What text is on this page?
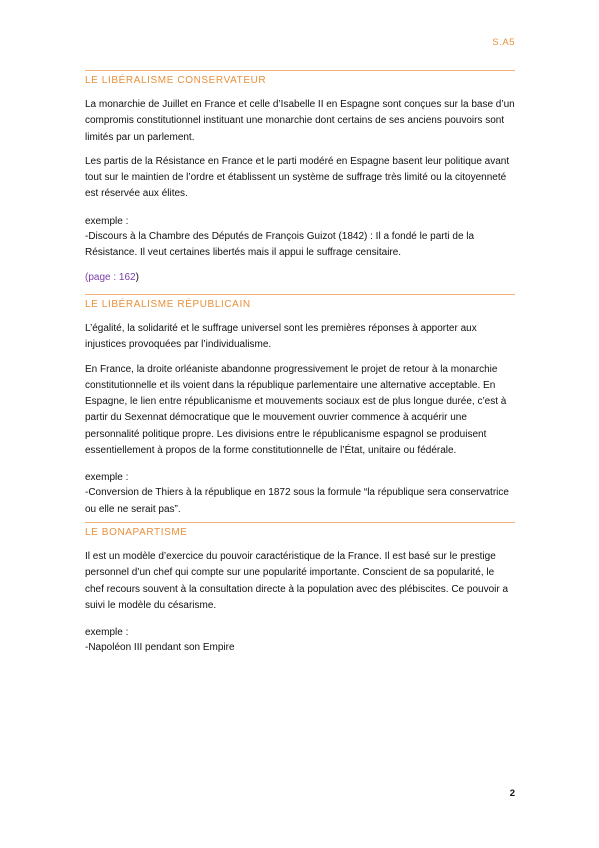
S.A5
LE LIBÉRALISME CONSERVATEUR

La monarchie de Juillet en France et celle d’Isabelle II en Espagne sont conçues sur la base d’un compromis constitutionnel instituant une monarchie dont certains de ses anciens pouvoirs sont limités par un parlement.

Les partis de la Résistance en France et le parti modéré en Espagne basent leur politique avant tout sur le maintien de l’ordre et établissent un système de suffrage très limité ou la citoyenneté est réservée aux élites.

exemple :

-Discours à la Chambre des Députés de François Guizot (1842) : Il a fondé le parti de la Résistance. Il veut certaines libertés mais il appui le suffrage censitaire.

(page : 162)

LE LIBÉRALISME RÉPUBLICAIN

L’égalité, la solidarité et le suffrage universel sont les premières réponses à apporter aux injustices provoquées par l’individualisme.

En France, la droite orléaniste abandonne progressivement le projet de retour à la monarchie constitutionnelle et ils voient dans la république parlementaire une alternative acceptable. En Espagne, le lien entre républicanisme et mouvements sociaux est de plus longue durée, c’est à partir du Sexennat démocratique que le mouvement ouvrier commence à acquérir une personnalité politique propre. Les divisions entre le républicanisme espagnol se produisent essentiellement à propos de la forme constitutionnelle de l’État, unitaire ou fédérale.

exemple :

-Conversion de Thiers à la république en 1872 sous la formule “la république sera conservatrice ou elle ne serait pas”.

LE BONAPARTISME

Il est un modèle d’exercice du pouvoir caractéristique de la France. Il est basé sur le prestige personnel d’un chef qui compte sur une popularité importante. Conscient de sa popularité, le chef recours souvent à la consultation directe à la population avec des plébiscites. Ce pouvoir a suivi le modèle du césarisme.

exemple :

-Napoléon III pendant son Empire

2
